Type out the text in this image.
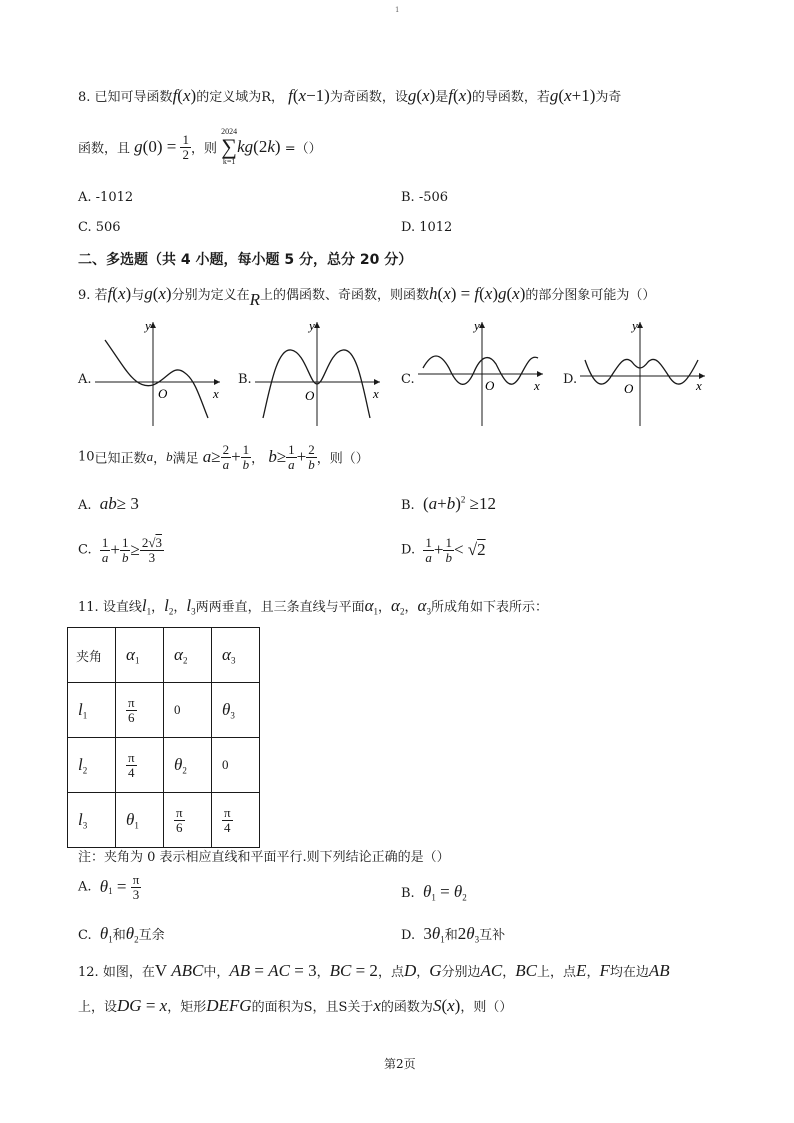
1
8. 已知可导函数f(x)的定义域为R， f(x−1)为奇函数，设g(x)是f(x)的导函数，若g(x+1)为奇
函数，且 $g(0) = \frac{1}{2}$ ，则
2024
∑
k=1
kg(2k) =（）
A. -1012	B. -506
C. 506	D. 1012
二、多选题（共 4 小题，每小题 5 分，总分 20 分）
9. 若f(x)与g(x)分别为定义在R上的偶函数、奇函数，则函数h(x) = f(x)g(x)的部分图象可能为（）
A.
y
x
O
B.
y
x
O
C.
y
x
O	D.
y
x
O
10已知正数a，b满足 $a\ge \frac{2}{a} + \frac{1}{b}$ ， $b\ge \frac{1}{a} + \frac{2}{b}$ ，则（）
A. ab≥ 3	B. $(a+b)^2 \ge 12$
C. $\frac{1}{a} + \frac{1}{b} \ge \frac{2√3}{3}$	D. $\frac{1}{a} + \frac{1}{b} < √2$
11. 设直线$l_1$，$l_2$，$l_3$两两垂直，且三条直线与平面$\alpha_1$，$\alpha_2$，$\alpha_3$所成角如下表所示：
夹角	$\alpha_1$	$\alpha_2$	$\alpha_3$
$l_1$	$\frac{\pi}{6}$	0	$\theta_3$
$l_2$	$\frac{\pi}{4}$	$\theta_2$	0
$l_3$	$\theta_1$	$\frac{\pi}{6}$	$\frac{\pi}{4}$
注：夹角为 0 表示相应直线和平面平行.则下列结论正确的是（）
A. $\theta_1 = \frac{\pi}{3}$	B. $\theta_1 = \theta_2$
C. $\theta_1$和$\theta_2$互余	D. $3\theta_1$和$2\theta_3$互补
12. 如图，在V ABC中，AB = AC = 3，BC = 2，点D，G分别边AC，BC上，点E，F均在边AB
上，设DG = x，矩形DEFG的面积为S，且S关于x的函数为S(x)，则（）
第2页
